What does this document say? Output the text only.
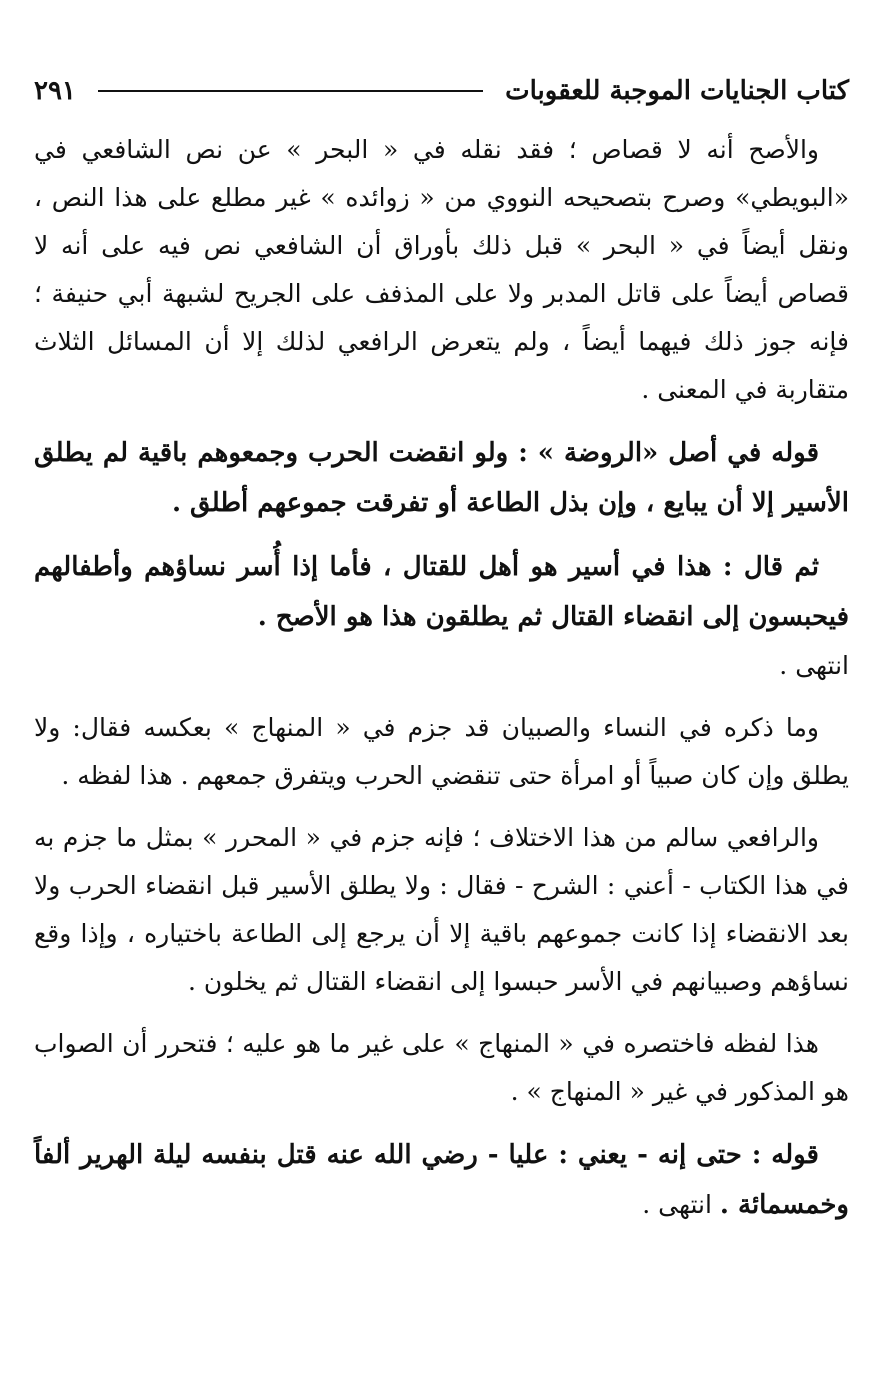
كتاب الجنايات الموجبة للعقوبات
٢٩١

والأصح أنه لا قصاص ؛ فقد نقله في « البحر » عن نص الشافعي في «البويطي» وصرح بتصحيحه النووي من « زوائده » غير مطلع على هذا النص ، ونقل أيضاً في « البحر » قبل ذلك بأوراق أن الشافعي نص فيه على أنه لا قصاص أيضاً على قاتل المدبر ولا على المذفف على الجريح لشبهة أبي حنيفة ؛ فإنه جوز ذلك فيهما أيضاً ، ولم يتعرض الرافعي لذلك إلا أن المسائل الثلاث متقاربة في المعنى .

قوله في أصل «الروضة » : ولو انقضت الحرب وجمعوهم باقية لم يطلق الأسير إلا أن يبايع ، وإن بذل الطاعة أو تفرقت جموعهم أطلق .

ثم قال : هذا في أسير هو أهل للقتال ، فأما إذا أُسر نساؤهم وأطفالهم فيحبسون إلى انقضاء القتال ثم يطلقون هذا هو الأصح .

انتهى .

وما ذكره في النساء والصبيان قد جزم في « المنهاج » بعكسه فقال: ولا يطلق وإن كان صبياً أو امرأة حتى تنقضي الحرب ويتفرق جمعهم . هذا لفظه .

والرافعي سالم من هذا الاختلاف ؛ فإنه جزم في « المحرر » بمثل ما جزم به في هذا الكتاب - أعني : الشرح - فقال : ولا يطلق الأسير قبل انقضاء الحرب ولا بعد الانقضاء إذا كانت جموعهم باقية إلا أن يرجع إلى الطاعة باختياره ، وإذا وقع نساؤهم وصبيانهم في الأسر حبسوا إلى انقضاء القتال ثم يخلون .

هذا لفظه فاختصره في « المنهاج » على غير ما هو عليه ؛ فتحرر أن الصواب هو المذكور في غير « المنهاج » .

قوله : حتى إنه - يعني : عليا - رضي الله عنه قتل بنفسه ليلة الهرير ألفاً وخمسمائة . انتهى .
